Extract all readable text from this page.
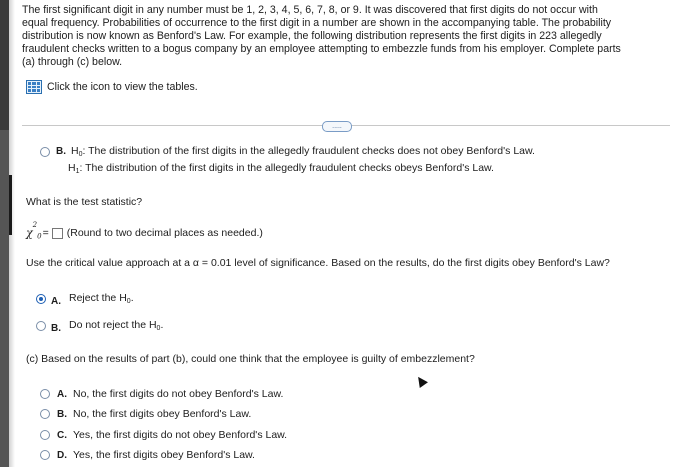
The first significant digit in any number must be 1, 2, 3, 4, 5, 6, 7, 8, or 9. It was discovered that first digits do not occur with

equal frequency. Probabilities of occurrence to the first digit in a number are shown in the accompanying table. The probability

distribution is now known as Benford's Law. For example, the following distribution represents the first digits in 223 allegedly

fraudulent checks written to a bogus company by an employee attempting to embezzle funds from his employer. Complete parts

(a) through (c) below.

Click the icon to view the tables.
.....
B. $H_0$: The distribution of the first digits in the allegedly fraudulent checks does not obey Benford's Law.
$H_1$: The distribution of the first digits in the allegedly fraudulent checks obeys Benford's Law.
What is the test statistic?
$\chi^2_0$ = (Round to two decimal places as needed.)
Use the critical value approach at a α = 0.01 level of significance. Based on the results, do the first digits obey Benford's Law?
A. Reject the $H_0$.
B. Do not reject the $H_0$.
(c) Based on the results of part (b), could one think that the employee is guilty of embezzlement?
A. No, the first digits do not obey Benford's Law.
B. No, the first digits obey Benford's Law.
C. Yes, the first digits do not obey Benford's Law.
D. Yes, the first digits obey Benford's Law.
